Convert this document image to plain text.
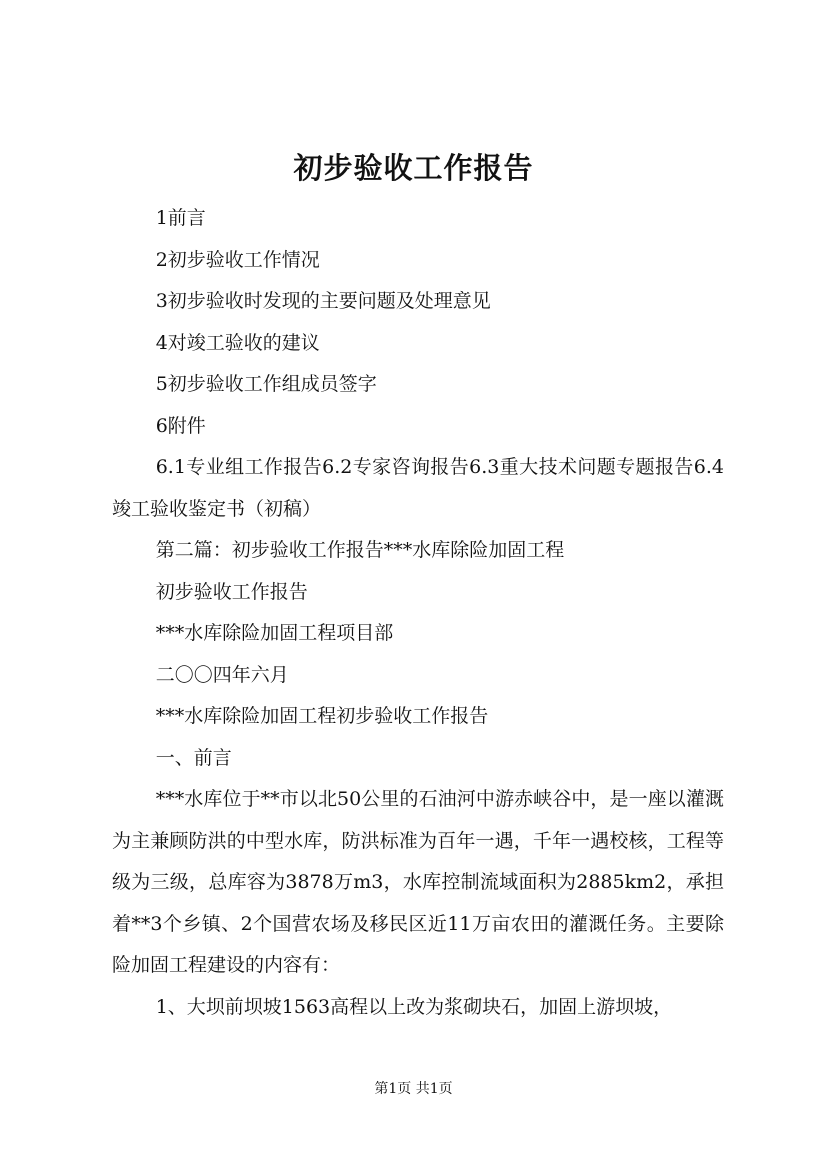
初步验收工作报告

1前言

2初步验收工作情况

3初步验收时发现的主要问题及处理意见

4对竣工验收的建议

5初步验收工作组成员签字

6附件

6.1专业组工作报告6.2专家咨询报告6.3重大技术问题专题报告6.4竣工验收鉴定书（初稿）

第二篇：初步验收工作报告***水库除险加固工程

初步验收工作报告

***水库除险加固工程项目部

二〇〇四年六月

***水库除险加固工程初步验收工作报告

一、前言

***水库位于**市以北50公里的石油河中游赤峡谷中，是一座以灌溉为主兼顾防洪的中型水库，防洪标准为百年一遇，千年一遇校核，工程等级为三级，总库容为3878万m3，水库控制流域面积为2885km2，承担着**3个乡镇、2个国营农场及移民区近11万亩农田的灌溉任务。主要除险加固工程建设的内容有：

1、大坝前坝坡1563高程以上改为浆砌块石，加固上游坝坡，

第1页 共1页
